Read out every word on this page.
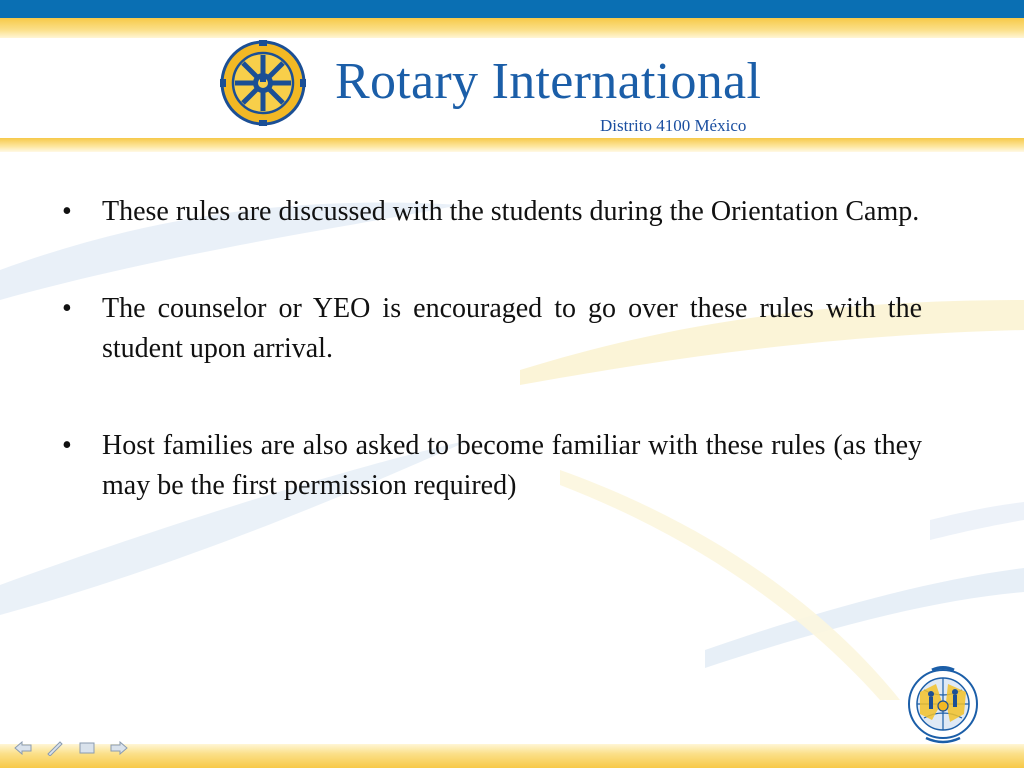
Rotary International
Distrito 4100 México
• These rules are discussed with the students during the Orientation Camp.
• The counselor or YEO is encouraged to go over these rules with the student upon arrival.
• Host families are also asked to become familiar with these rules (as they may be the first permission required)
